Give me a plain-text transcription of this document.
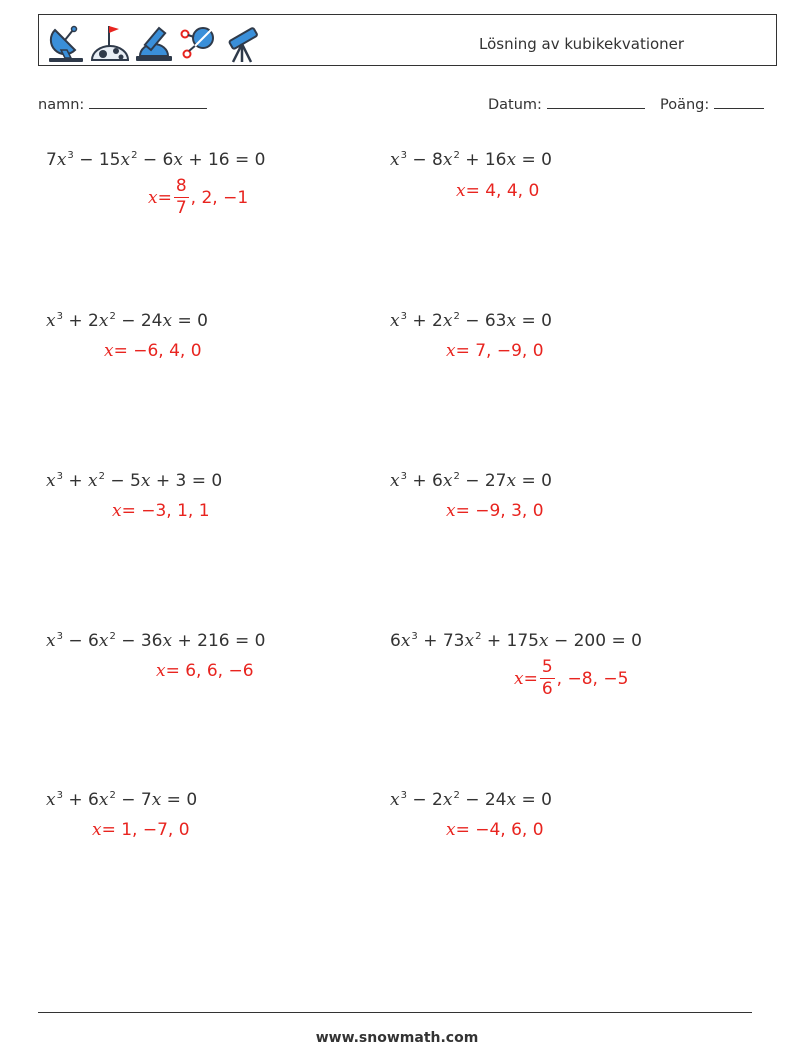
Lösning av kubikekvationer
namn:	Datum:	Poäng:
$7x^3 - 15x^2 - 6x + 16 = 0$
$x = \frac{8}{7}$ , 2, −1
$x^3 - 8x^2 + 16x = 0$
x = 4, 4, 0
$x^3 + 2x^2 - 24x = 0$
x = −6, 4, 0
$x^3 + 2x^2 - 63x = 0$
x = 7, −9, 0
$x^3 + x^2 - 5x + 3 = 0$
x = −3, 1, 1
$x^3 + 6x^2 - 27x = 0$
x = −9, 3, 0
$x^3 - 6x^2 - 36x + 216 = 0$
x = 6, 6, −6
$6x^3 + 73x^2 + 175x - 200 = 0$
$x = \frac{5}{6}$ , −8, −5
$x^3 + 6x^2 - 7x = 0$
x = 1, −7, 0
$x^3 - 2x^2 - 24x = 0$
x = −4, 6, 0
www.snowmath.com
